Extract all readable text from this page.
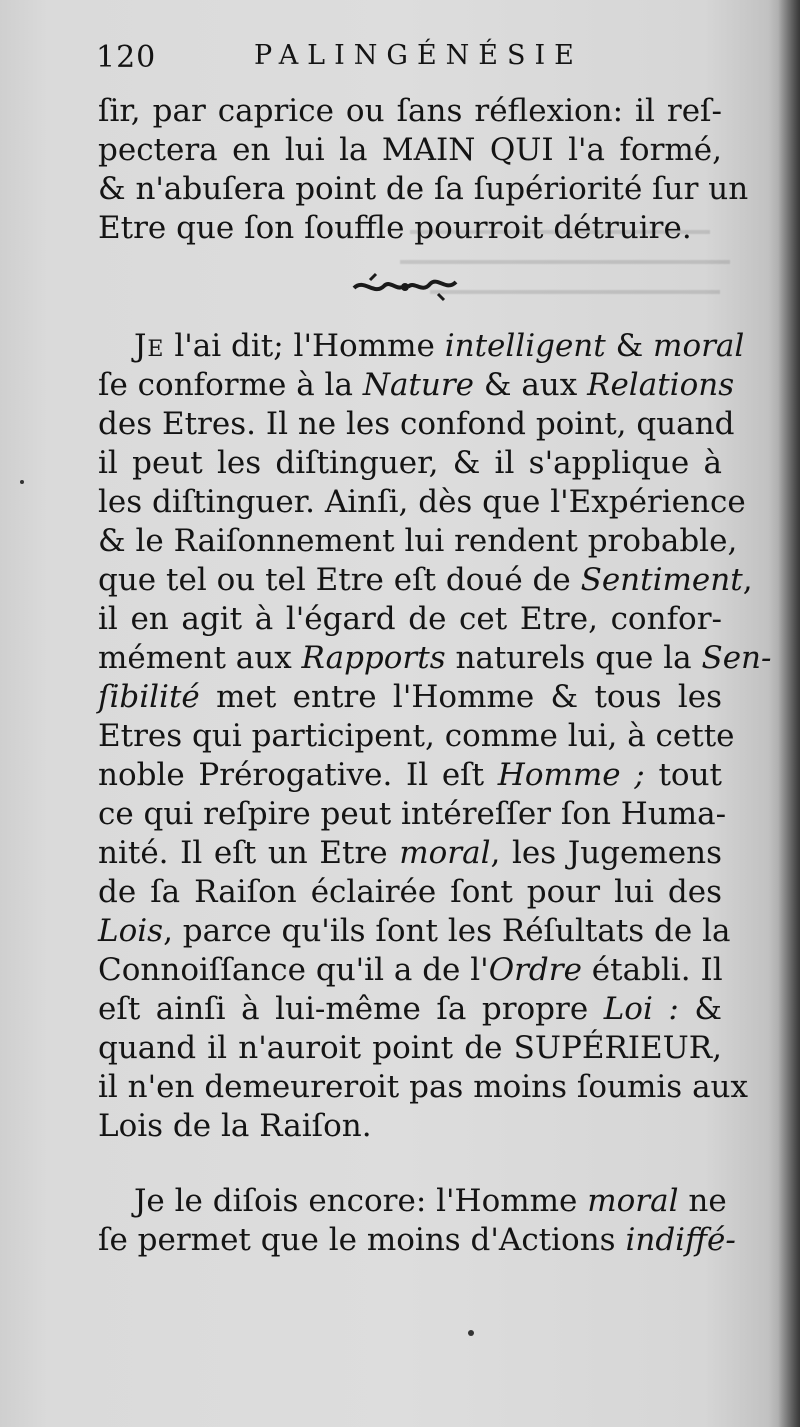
120	PALINGÉNÉSIE
ſir, par caprice ou ſans réflexion: il reſ-
pectera en lui la MAIN QUI l'a formé,
& n'abuſera point de ſa ſupériorité ſur un
Etre que ſon ſouffle pourroit détruire.
Je l'ai dit; l'Homme intelligent & moral
ſe conforme à la Nature & aux Relations
des Etres. Il ne les confond point, quand
il peut les diſtinguer, & il s'applique à
les diſtinguer. Ainſi, dès que l'Expérience
& le Raiſonnement lui rendent probable,
que tel ou tel Etre eſt doué de Sentiment,
il en agit à l'égard de cet Etre, confor-
mément aux Rapports naturels que la Sen-
ſibilité met entre l'Homme & tous les
Etres qui participent, comme lui, à cette
noble Prérogative. Il eſt Homme ; tout
ce qui reſpire peut intéreſſer ſon Huma-
nité. Il eſt un Etre moral, les Jugemens
de ſa Raiſon éclairée ſont pour lui des
Lois, parce qu'ils ſont les Réſultats de la
Connoiſſance qu'il a de l'Ordre établi. Il
eſt ainſi à lui-même ſa propre Loi : &
quand il n'auroit point de SUPÉRIEUR,
il n'en demeureroit pas moins ſoumis aux
Lois de la Raiſon.
Je le diſois encore: l'Homme moral ne
ſe permet que le moins d'Actions indiffé-
